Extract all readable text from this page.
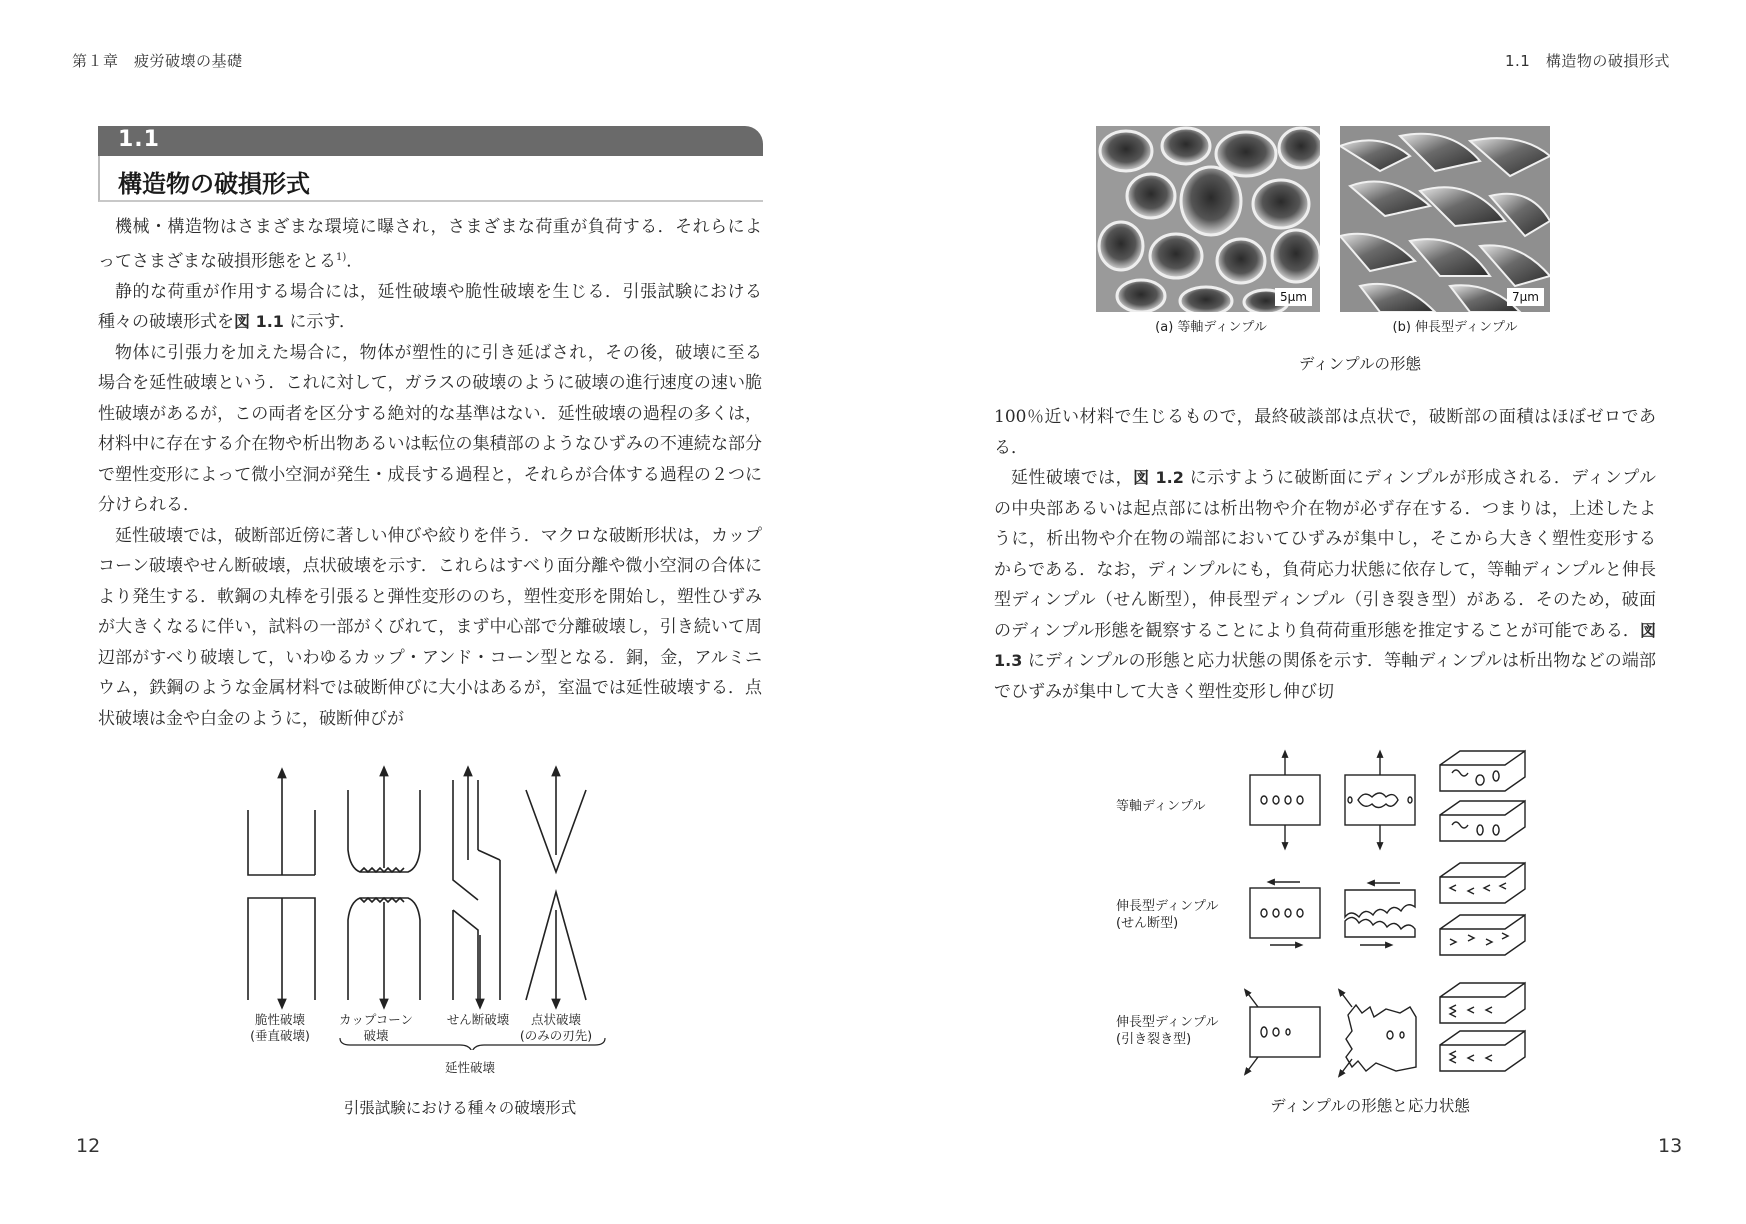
第１章　疲労破壊の基礎
1.1
構造物の破損形式

機械・構造物はさまざまな環境に曝され，さまざまな荷重が負荷する．それらによってさまざまな破損形態をとる$^{1)}$．

静的な荷重が作用する場合には，延性破壊や脆性破壊を生じる．引張試験における種々の破壊形式を図 1.1 に示す．

物体に引張力を加えた場合に，物体が塑性的に引き延ばされ，その後，破壊に至る場合を延性破壊という．これに対して，ガラスの破壊のように破壊の進行速度の速い脆性破壊があるが，この両者を区分する絶対的な基準はない．延性破壊の過程の多くは，材料中に存在する介在物や析出物あるいは転位の集積部のようなひずみの不連続な部分で塑性変形によって微小空洞が発生・成長する過程と，それらが合体する過程の２つに分けられる．

延性破壊では，破断部近傍に著しい伸びや絞りを伴う．マクロな破断形状は，カップコーン破壊やせん断破壊，点状破壊を示す．これらはすべり面分離や微小空洞の合体により発生する．軟鋼の丸棒を引張ると弾性変形ののち，塑性変形を開始し，塑性ひずみが大きくなるに伴い，試料の一部がくびれて，まず中心部で分離破壊し，引き続いて周辺部がすべり破壊して，いわゆるカップ・アンド・コーン型となる．銅，金，アルミニウム，鉄鋼のような金属材料では破断伸びに大小はあるが，室温では延性破壊する．点状破壊は金や白金のように，破断伸びが

脆性破壊
(垂直破壊)
カップコーン
破壊
せん断破壊	点状破壊
(のみの刃先)
延性破壊
引張試験における種々の破壊形式
12
1.1　構造物の破損形式
5μm	7μm
(a) 等軸ディンプル	(b) 伸長型ディンプル
ディンプルの形態

100％近い材料で生じるもので，最終破談部は点状で，破断部の面積はほぼゼロである．

延性破壊では，図 1.2 に示すように破断面にディンプルが形成される．ディンプルの中央部あるいは起点部には析出物や介在物が必ず存在する．つまりは，上述したように，析出物や介在物の端部においてひずみが集中し，そこから大きく塑性変形するからである．なお，ディンプルにも，負荷応力状態に依存して，等軸ディンプルと伸長型ディンプル（せん断型），伸長型ディンプル（引き裂き型）がある．そのため，破面のディンプル形態を観察することにより負荷荷重形態を推定することが可能である．図 1.3 にディンプルの形態と応力状態の関係を示す．等軸ディンプルは析出物などの端部でひずみが集中して大きく塑性変形し伸び切

等軸ディンプル
伸長型ディンプル
(せん断型)
伸長型ディンプル
(引き裂き型)
ディンプルの形態と応力状態
13
